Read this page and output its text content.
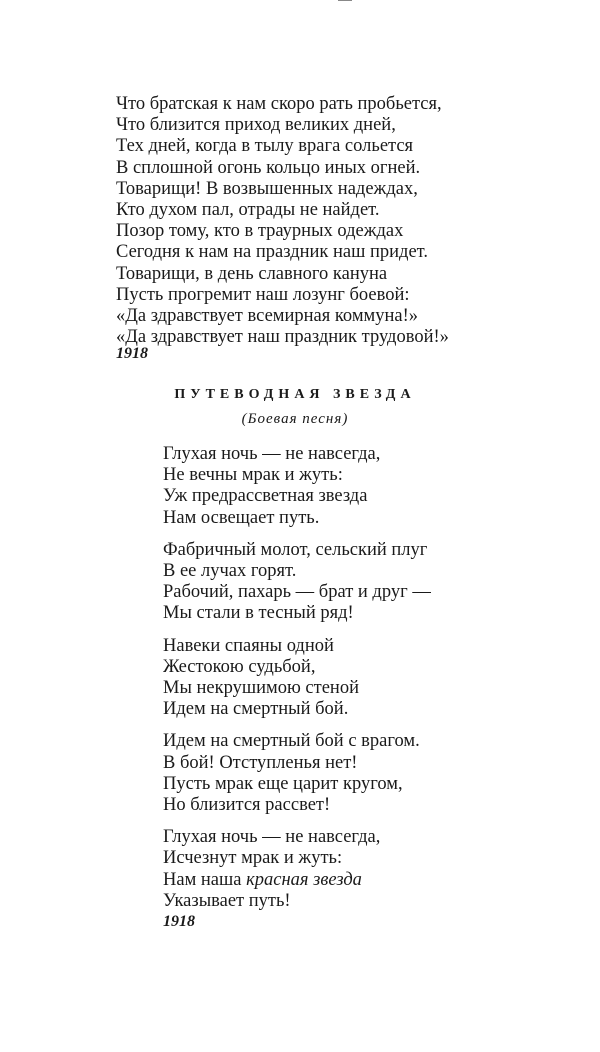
Что братская к нам скоро рать пробьется,
Что близится приход великих дней,
Тех дней, когда в тылу врага сольется
В сплошной огонь кольцо иных огней.
Товарищи! В возвышенных надеждах,
Кто духом пал, отрады не найдет.
Позор тому, кто в траурных одеждах
Сегодня к нам на праздник наш придет.
Товарищи, в день славного кануна
Пусть прогремит наш лозунг боевой:
«Да здравствует всемирная коммуна!»
«Да здравствует наш праздник трудовой!»
1918
ПУТЕВОДНАЯ ЗВЕЗДА
(Боевая песня)
Глухая ночь — не навсегда,
Не вечны мрак и жуть:
Уж предрассветная звезда
Нам освещает путь.
Фабричный молот, сельский плуг
В ее лучах горят.
Рабочий, пахарь — брат и друг —
Мы стали в тесный ряд!
Навеки спаяны одной
Жестокою судьбой,
Мы некрушимою стеной
Идем на смертный бой.
Идем на смертный бой с врагом.
В бой! Отступленья нет!
Пусть мрак еще царит кругом,
Но близится рассвет!
Глухая ночь — не навсегда,
Исчезнут мрак и жуть:
Нам наша красная звезда
Указывает путь!
1918
